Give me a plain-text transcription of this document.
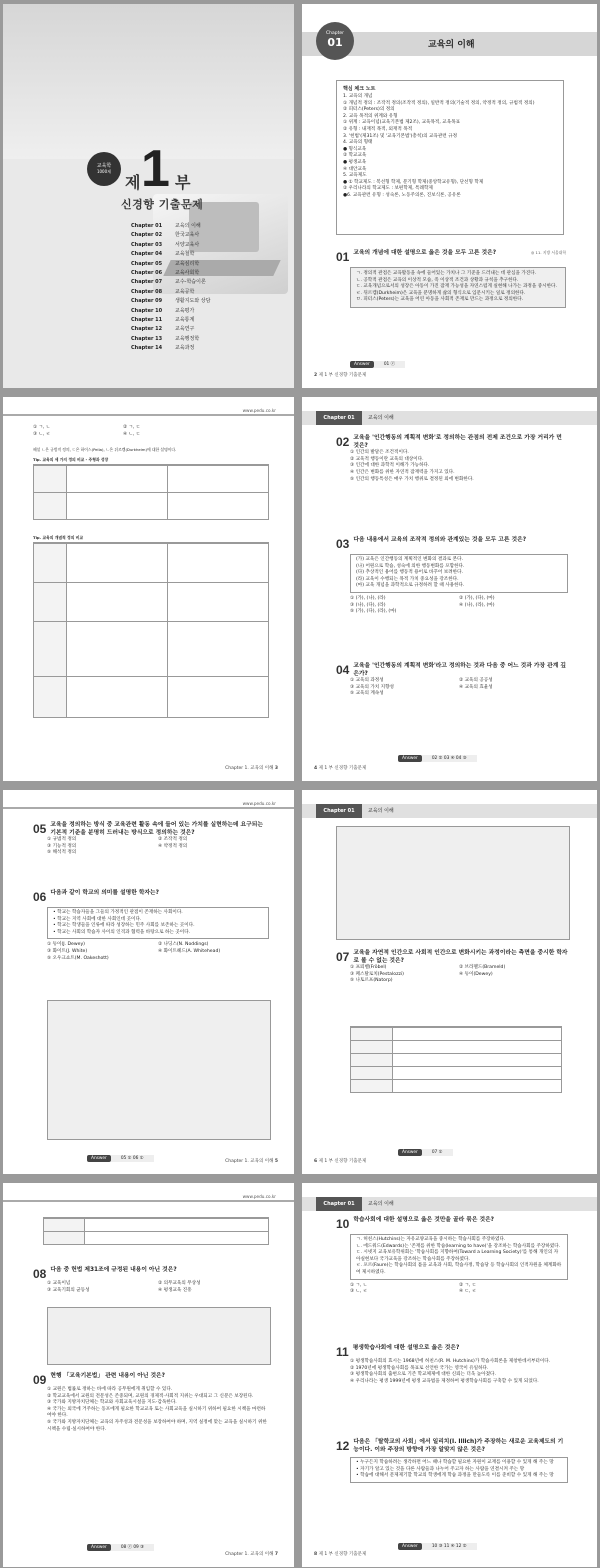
교육학
1000제
제 1 부
신경향 기출문제
Chapter 01	교육의 이해
Chapter 02	한국교육사
Chapter 03	서양교육사
Chapter 04	교육철학
Chapter 05	교육심리학
Chapter 06	교육사회학
Chapter 07	교수-학습이론
Chapter 08	교육공학
Chapter 09	생활지도와 상담
Chapter 10	교육평가
Chapter 11	교육통계
Chapter 12	교육연구
Chapter 13	교육행정학
Chapter 14	교육과정
Chapter
01	교육의 이해
핵심 체크 노트
1. 교육의 개념
① 개념적 정의 : 조작적 정의(조작적 정의), 일반적 정의(기술적 정의, 약정적 정의, 규범적 정의)
② 피터스(Peters)의 정의
2. 교육 목적의 위계와 유형
① 위계 : 교육이념(교육기본법 제2조), 교육목적, 교육목표
② 유형 : 내재적 목적, 외재적 목적
3. '헌법'(제31조) 및 '교육기본법'(총칙)의 교육관련 규정
4. 교육의 형태
● 형식교육
② 학교교육
● 평생교육
④ 대안교육
5. 교육제도
● ① 학교제도 : 복선형 학제, 분기형 학제(중앙학교유형), 단선형 학제
② 우리나라의 학교제도 : 보편학제, 특례학제
●6. 교육관련 유형 : 성숙론, 노동주의론, 진보식론, 공유론
01 교육의 개념에 대한 설명으로 옳은 것을 모두 고른 것은?	◎ 11. 지방 서울대학
ㄱ. 정의적 관점은 교육활동을 속에 들어있는 가치나 그 기준을 드러내는 데 관심을 가진다.
ㄴ. 공학적 관점은 교육의 이상적 모습, 즉 이상적 조건과 상황과 규칙을 추구한다.
ㄷ. 교육개념으로서의 성장은 아동이 가진 잠재 가능성을 자연스럽게 실현해 나가는 과정을 중시한다.
ㄹ. 뒤르켐(Durkheim)은 교육을 분명하게 삶의 형식으로 입문시키는 일로 정의한다.
ㅁ. 피터스(Peters)는 교육을 어린 아동을 사회적 존재로 만드는 과정으로 정의한다.
Answer	01 ⓔ
2 제 1 부 신경향 기출문제
www.pedu.co.kr
① ㄱ, ㄴ	② ㄱ, ㄷ
③ ㄴ, ㄹ	④ ㄴ, ㄷ
해설 ㄴ은 규범적 정의, ㄷ은 하이스(Pelia), ㄴ은 뒤르켐(Durkheim)에 대한 설명이다.
Tip. 교육의 세 가지 정의 비교 - 주형과 성장

Tip. 교육의 개념적 정의 비교

Chapter 1. 교육의 이해 3
Chapter 01	교육의 이해
02 교육을 '인간행동의 계획적 변화'로 정의하는 관점의 전제 조건으로 가장 거리가 먼 것은?
① 인간의 발달은 조건적이다.
② 교육적 행동이란 교육의 대상이다.
③ 인간에 대한 과학적 이해가 가능하다.
④ 인간은 변화를 위한 자연적 잠재력을 가지고 있다.
⑤ 인간의 행동특성은 매우 가치 행위로 결정된 외에 변화한다.
03 다음 내용에서 교육의 조작적 정의와 관계있는 것을 모두 고른 것은?
(가) 교육은 인간행동의 계획적인 변화의 결과로 본다.
(나) 어원으로 학습, 성숙에 의한 행동변화를 포함한다.
(다) 추상적인 용어를 행동적 용어로 바꾸어 보려한다.
(라) 교육이 수행되는 목적 가치 중요성을 강조한다.
(마) 교육 개념을 과학적으로 규정하려 할 때 사용한다.
① (가), (나), (라)	② (가), (다), (마)
③ (나), (다), (라)	④ (나), (라), (마)
⑤ (가), (다), (라), (마)
04 교육을 '인간행동의 계획적 변화'라고 정의하는 것과 다음 중 어느 것과 가장 관계 깊은가?
① 교육의 과정성	② 교육의 공공성
③ 교육의 가치 지향성	④ 교육의 효율성
⑤ 교육의 계속성
Answer	02 ② 03 ④ 04 ⑤
4 제 1 부 신경향 기출문제
www.pedu.co.kr
05 교육을 정의하는 방식 중 교육관련 활동 속에 들어 있는 가치를 실현하는데 요구되는 기본적 기준을 분명히 드러내는 방식으로 정의하는 것은?
① 규범적 정의	② 조작적 정의
③ 기능적 정의	④ 약정적 정의
⑤ 해석적 정의
06 다음과 같이 학교의 의미를 설명한 학자는?
• 학교는 학습자들을 그들의 가정적인 관점이 존재하는 사회이다.
• 학교는 지역 사회에 대한 사회인데 곳이다.
• 학교는 학생들을 인류에 따라 성장하는 민주 사회를 보존하는 곳이다.
• 학교는 사회의 학습자 사이의 인격과 협력을 바탕으로 하는 곳이다.
① 듀이(J. Dewey)	② 나딩스(N. Noddings)
③ 화이트(J. White)	④ 화이트헤드(A. Whitehead)
⑤ 오우크쇼트(M. Oakeshott)
Answer	05 ① 06 ①
Chapter 1. 교육의 이해 5
Chapter 01	교육의 이해
07 교육을 자연적 인간으로 사회적 인간으로 변화시키는 과정이라는 측면을 중시한 학자로 볼 수 없는 것은?
① 프뢰벨(Fröbel)	② 브라멜드(Brameld)
③ 페스탈로치(Pestalozzi)	④ 듀이(Dewey)
⑤ 나토르프(Natorp)

Answer	07 ①
6 제 1 부 신경향 기출문제
www.pedu.co.kr

08 다음 중 헌법 제31조에 규정된 내용이 아닌 것은?
① 교육이념	② 의무교육의 무상성
③ 교육기회의 균등성	④ 평생교육 진흥
09 현행 「교육기본법」 관련 내용이 아닌 것은?
① 교원은 법률로 정하는 바에 따라 공무원에게 취임할 수 있다.
② 학교교육에서 교원의 전문성은 존중되며, 교원의 경제적·사회적 지위는 우대되고 그 신분은 보장된다.
③ 국가와 지방자치단체는 학교와 사회교육시설을 지도·감독한다.
④ 국가는 외국에 거주하는 동포에게 필요한 학교교육 또는 사회교육을 실시하기 위하여 필요한 시책을 마련하여야 한다.
⑤ 국가와 지방자치단체는 교육의 자주성과 전문성을 보장하여야 하며, 지역 실정에 맞는 교육을 실시하기 위한 시책을 수립·실시하여야 한다.
Answer	08 ⓔ 09 ③
Chapter 1. 교육의 이해 7
Chapter 01	교육의 이해
10 학습사회에 대한 설명으로 옳은 것만을 골라 묶은 것은?
ㄱ. 허친스(Hutchins)는 자유교양교육을 중시하는 학습사회를 주장하였다.
ㄴ. 에드워드(Edwards)는 '존재를 위한 학습(learning to have)'을 강조하는 학습사회를 주장하였다.
ㄷ. 시넷지 교육보유학위회는 '학습사회를 지향하여(Toward a Learning Society)'를 통해 개인의 자아실현보다 국가교육을 강조하는 학습사회를 주장하였다.
ㄹ. 포르(Faure)는 학습사회의 틀을 교육과 사회, 학습사정, 학습당 등 학습사회의 인적자원을 체계화하여 제시하였다.
① ㄱ, ㄴ	② ㄱ, ㄷ
③ ㄴ, ㄹ	④ ㄷ, ㄹ
11 평생학습사회에 대한 설명으로 옳은 것은?
① 평생학습사회의 효시는 1968년에 허친스(R. M. Hutchins)가 학습사회론을 제창한데서부터이다.
② 1970년에 평생학습사회를 목표로 선언한 국가는 영국이 유일하다.
③ 평생학습사회의 출현으로 기존 학교체제에 대한 신뢰는 더욱 높아졌다.
④ 우리나라는 평생 1999년에 평생 교육법을 제정하여 평생학습사회를 구축할 수 있게 되었다.
12 다음은 「탈학교의 사회」에서 일리치(I. Illich)가 주장하는 새로운 교육제도의 기능이다. 이와 주장의 방향에 가장 알맞지 않은 것은?
• 누구든지 학습하려는 생각하면 어느 때나 학습할 필요한 자원이 교재를 이용할 수 있게 해 주는 망
• 자기가 알고 있는 것을 다른 사람들과 나누어 주고자 하는 사람을 연결시켜 주는 망
• 학습에 대해서 문제제기할 학교의 학생에게 학습 과정을 만들도록 이를 준비할 수 있게 해 주는 망
Answer	10 ③ 11 ④ 12 ②
8 제 1 부 신경향 기출문제
